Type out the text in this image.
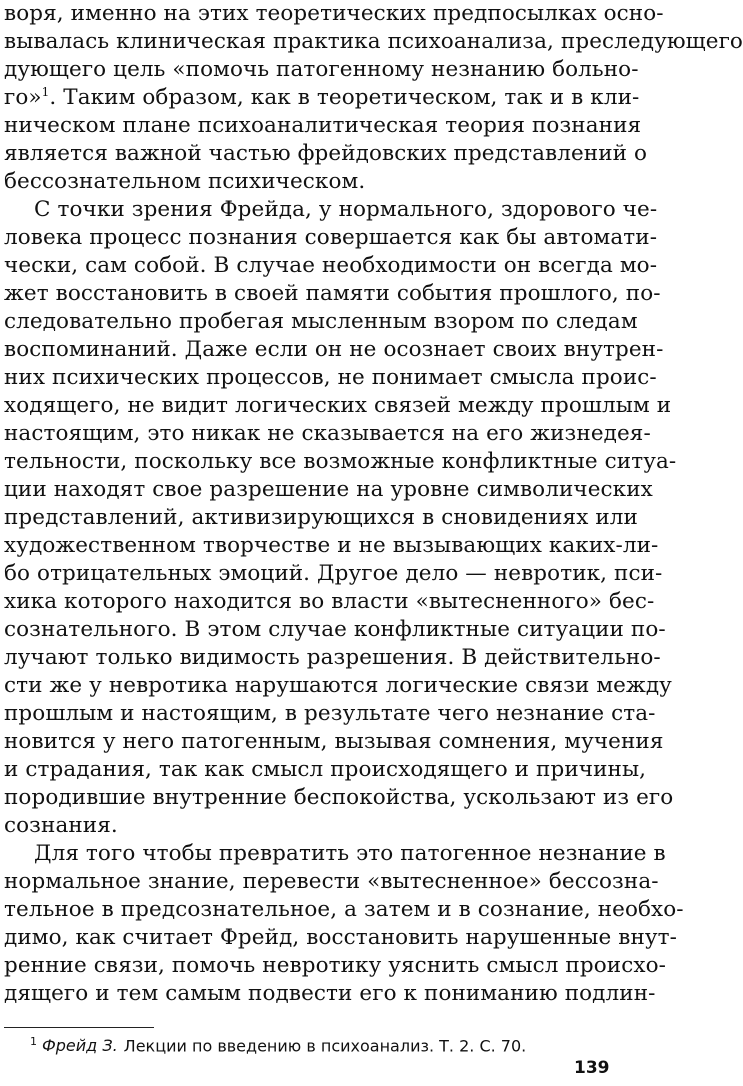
воря, именно на этих теоретических предпосылках осно-
вывалась клиническая практика психоанализа, преследующего
дующего цель «помочь патогенному незнанию больно-
го»$^1$. Таким образом, как в теоретическом, так и в кли-
ническом плане психоаналитическая теория познания
является важной частью фрейдовских представлений о
бессознательном психическом.
С точки зрения Фрейда, у нормального, здорового че-
ловека процесс познания совершается как бы автомати-
чески, сам собой. В случае необходимости он всегда мо-
жет восстановить в своей памяти события прошлого, по-
следовательно пробегая мысленным взором по следам
воспоминаний. Даже если он не осознает своих внутрен-
них психических процессов, не понимает смысла проис-
ходящего, не видит логических связей между прошлым и
настоящим, это никак не сказывается на его жизнедея-
тельности, поскольку все возможные конфликтные ситуа-
ции находят свое разрешение на уровне символических
представлений, активизирующихся в сновидениях или
художественном творчестве и не вызывающих каких-ли-
бо отрицательных эмоций. Другое дело — невротик, пси-
хика которого находится во власти «вытесненного» бес-
сознательного. В этом случае конфликтные ситуации по-
лучают только видимость разрешения. В действительно-
сти же у невротика нарушаются логические связи между
прошлым и настоящим, в результате чего незнание ста-
новится у него патогенным, вызывая сомнения, мучения
и страдания, так как смысл происходящего и причины,
породившие внутренние беспокойства, ускользают из его
сознания.
Для того чтобы превратить это патогенное незнание в
нормальное знание, перевести «вытесненное» бессозна-
тельное в предсознательное, а затем и в сознание, необхо-
димо, как считает Фрейд, восстановить нарушенные внут-
ренние связи, помочь невротику уяснить смысл происхо-
дящего и тем самым подвести его к пониманию подлин-
$^1$ Фрейд З. Лекции по введению в психоанализ. Т. 2. С. 70.
139
